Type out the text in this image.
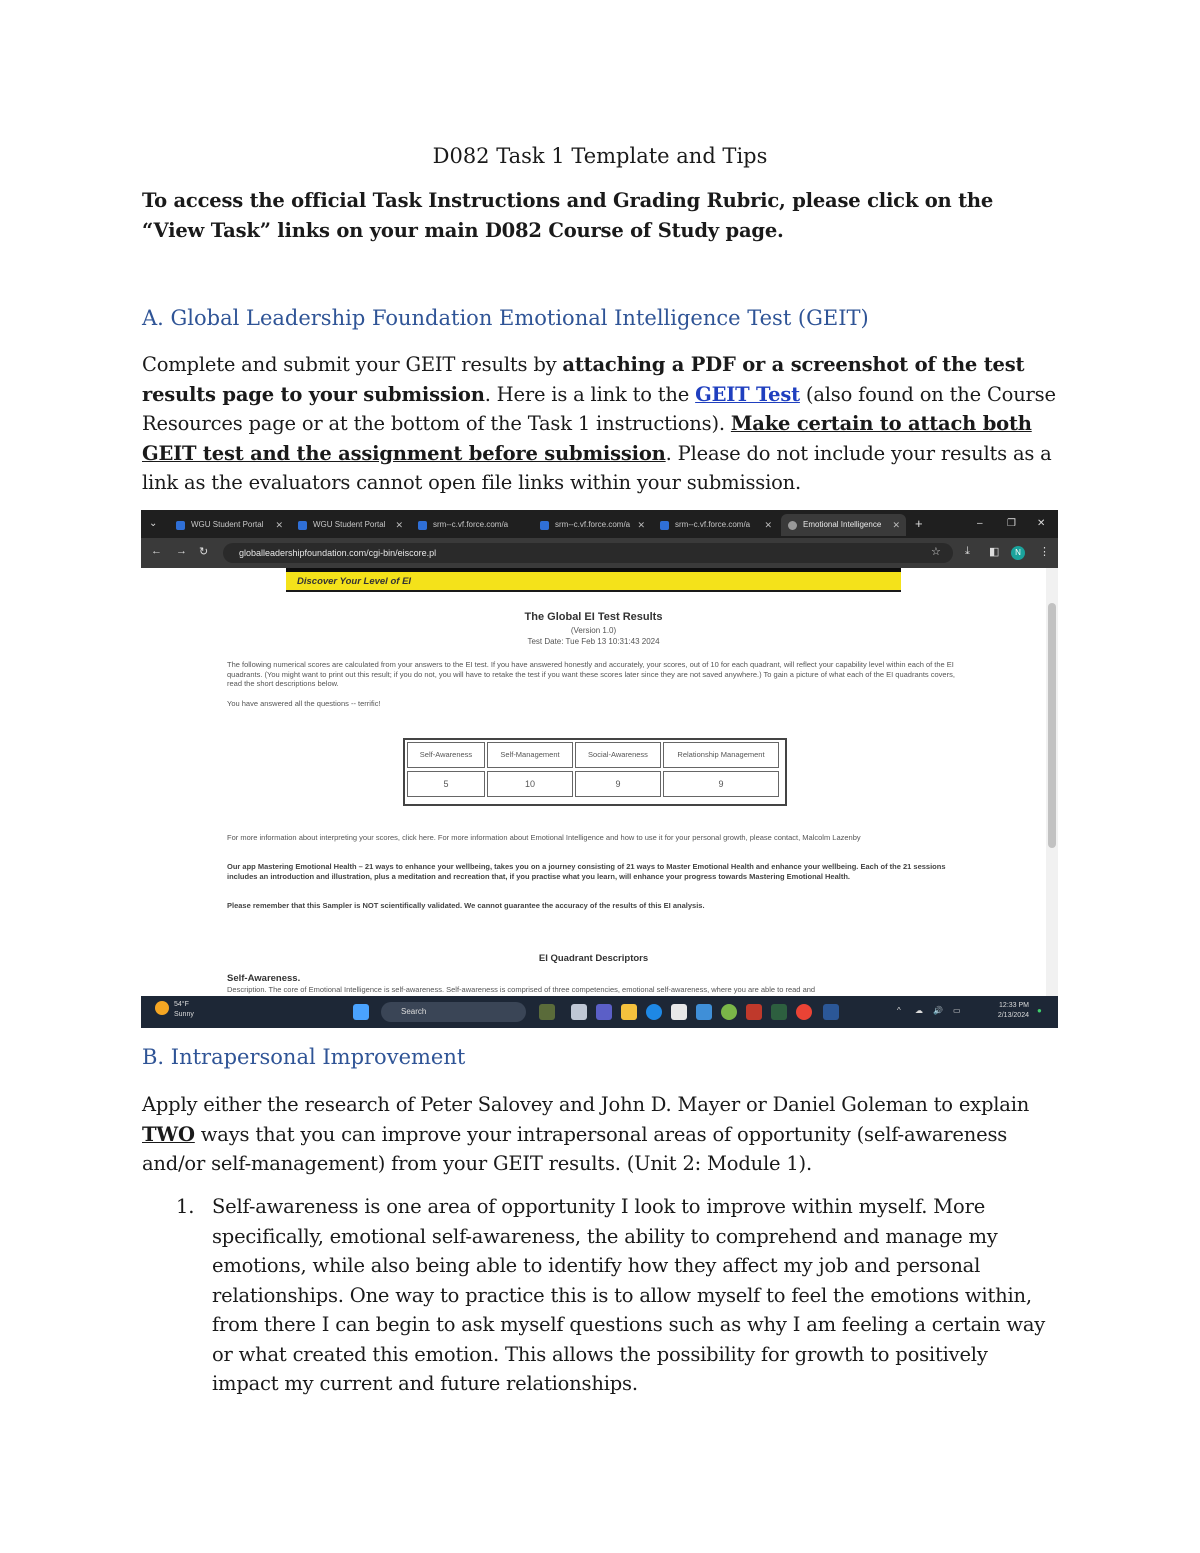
D082 Task 1 Template and Tips
To access the official Task Instructions and Grading Rubric, please click on the “View Task” links on your main D082 Course of Study page.
A. Global Leadership Foundation Emotional Intelligence Test (GEIT)
Complete and submit your GEIT results by attaching a PDF or a screenshot of the test results page to your submission. Here is a link to the GEIT Test (also found on the Course Resources page or at the bottom of the Task 1 instructions). Make certain to attach both GEIT test and the assignment before submission. Please do not include your results as a link as the evaluators cannot open file links within your submission.
⌄	WGU Student Portal ✕	WGU Student Portal ✕	srm--c.vf.force.com/a	srm--c.vf.force.com/a ✕	srm--c.vf.force.com/a ✕	Emotional Intelligence ✕ +	– ❐ ✕
← → ↻	globalleadershipfoundation.com/cgi-bin/eiscore.pl	☆ ⤓ ◧	N	⋮
Discover Your Level of EI
The Global EI Test Results
(Version 1.0)
Test Date: Tue Feb 13 10:31:43 2024
The following numerical scores are calculated from your answers to the EI test. If you have answered honestly and accurately, your scores, out of 10 for each quadrant, will reflect your capability level within each of the EI quadrants. (You might want to print out this result; if you do not, you will have to retake the test if you want these scores later since they are not saved anywhere.) To gain a picture of what each of the EI quadrants covers, read the short descriptions below.
You have answered all the questions -- terrific!
Self-Awareness	Self-Management	Social-Awareness	Relationship Management
5	10	9	9
For more information about interpreting your scores, click here. For more information about Emotional Intelligence and how to use it for your personal growth, please contact, Malcolm Lazenby
Our app Mastering Emotional Health – 21 ways to enhance your wellbeing, takes you on a journey consisting of 21 ways to Master Emotional Health and enhance your wellbeing. Each of the 21 sessions includes an introduction and illustration, plus a meditation and recreation that, if you practise what you learn, will enhance your progress towards Mastering Emotional Health.
Please remember that this Sampler is NOT scientifically validated. We cannot guarantee the accuracy of the results of this EI analysis.
EI Quadrant Descriptors
Self-Awareness.
Description. The core of Emotional Intelligence is self-awareness. Self-awareness is comprised of three competencies, emotional self-awareness, where you are able to read and
54°F
Sunny	Search	^ ☁ 🔊 ▭
12:33 PM
2/13/2024
●
B. Intrapersonal Improvement
Apply either the research of Peter Salovey and John D. Mayer or Daniel Goleman to explain TWO ways that you can improve your intrapersonal areas of opportunity (self-awareness and/or self-management) from your GEIT results. (Unit 2: Module 1).
1. Self-awareness is one area of opportunity I look to improve within myself. More specifically, emotional self-awareness, the ability to comprehend and manage my emotions, while also being able to identify how they affect my job and personal relationships. One way to practice this is to allow myself to feel the emotions within, from there I can begin to ask myself questions such as why I am feeling a certain way or what created this emotion. This allows the possibility for growth to positively impact my current and future relationships.
